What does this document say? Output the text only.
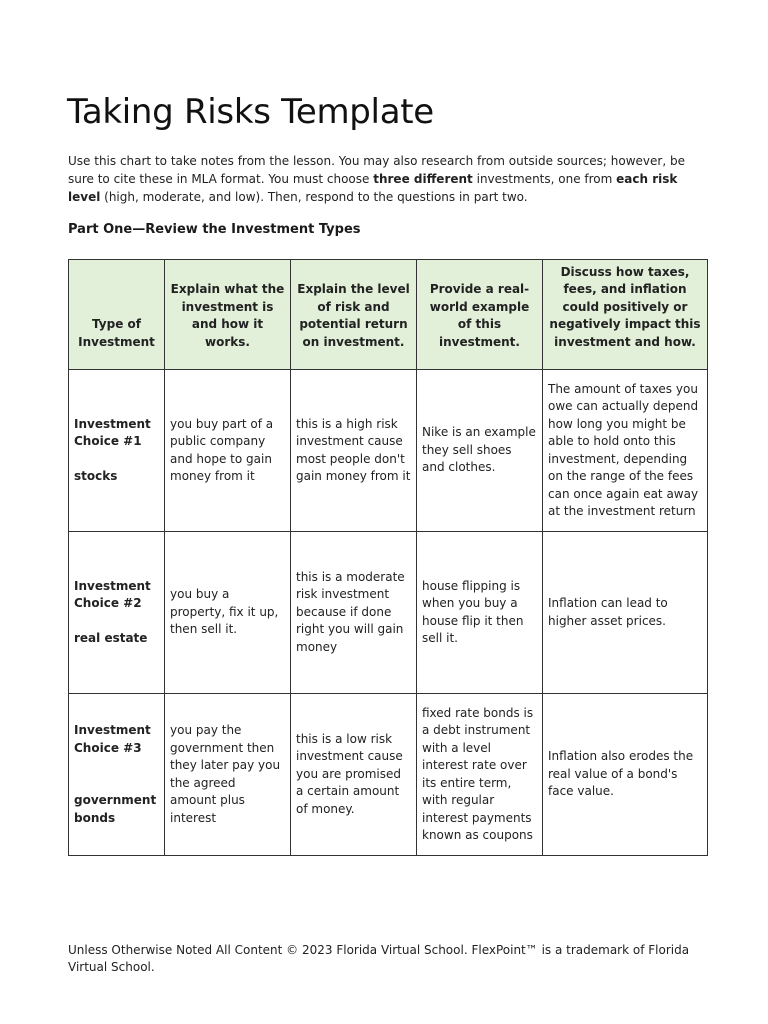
Taking Risks Template

Use this chart to take notes from the lesson. You may also research from outside sources; however, be sure to cite these in MLA format. You must choose three different investments, one from each risk level (high, moderate, and low). Then, respond to the questions in part two.

Part One—Review the Investment Types
Type of Investment	Explain what the investment is and how it works.	Explain the level of risk and potential return on investment.	Provide a real-world example of this investment.	Discuss how taxes, fees, and inflation could positively or negatively impact this investment and how.

Investment Choice #1
stocks	you buy part of a public company and hope to gain money from it	this is a high risk investment cause most people don't gain money from it	Nike is an example they sell shoes and clothes.	The amount of taxes you owe can actually depend how long you might be able to hold onto this investment, depending on the range of the fees can once again eat away at the investment return

Investment Choice #2
real estate	you buy a property, fix it up, then sell it.	this is a moderate risk investment because if done right you will gain money	house flipping is when you buy a house flip it then sell it.	Inflation can lead to higher asset prices.

Investment Choice #3
government bonds	you pay the government then they later pay you the agreed amount plus interest	this is a low risk investment cause you are promised a certain amount of money.	fixed rate bonds is a debt instrument with a level interest rate over its entire term, with regular interest payments known as coupons	Inflation also erodes the real value of a bond's face value.

Unless Otherwise Noted All Content © 2023 Florida Virtual School. FlexPoint™ is a trademark of Florida Virtual School.
